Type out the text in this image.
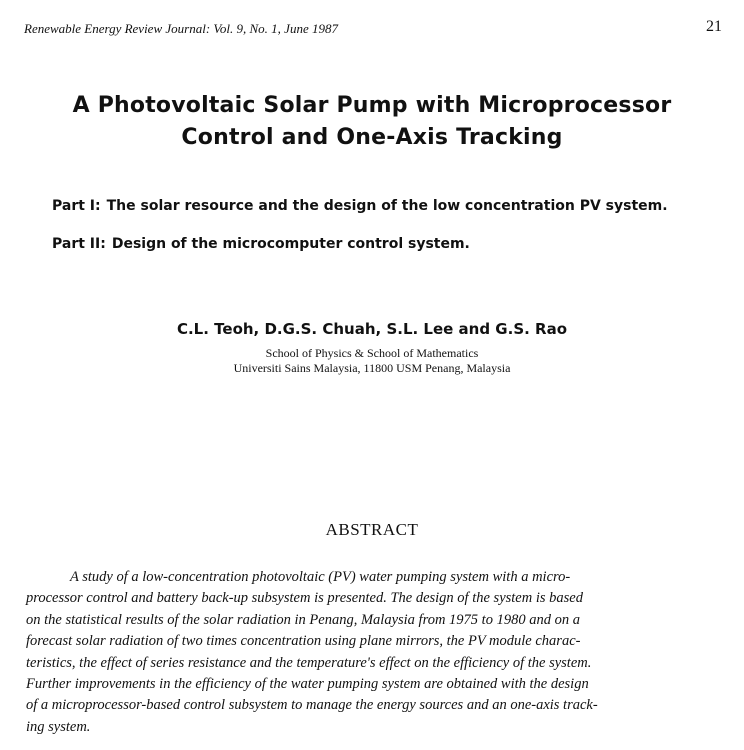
Renewable Energy Review Journal: Vol. 9, No. 1, June 1987	21
A Photovoltaic Solar Pump with Microprocessor
Control and One-Axis Tracking
Part I: The solar resource and the design of the low concentration PV system.
Part II: Design of the microcomputer control system.
C.L. Teoh, D.G.S. Chuah, S.L. Lee and G.S. Rao
School of Physics & School of Mathematics
Universiti Sains Malaysia, 11800 USM Penang, Malaysia
ABSTRACT

A study of a low-concentration photovoltaic (PV) water pumping system with a micro-
processor control and battery back-up subsystem is presented. The design of the system is based
on the statistical results of the solar radiation in Penang, Malaysia from 1975 to 1980 and on a
forecast solar radiation of two times concentration using plane mirrors, the PV module charac-
teristics, the effect of series resistance and the temperature's effect on the efficiency of the system.
Further improvements in the efficiency of the water pumping system are obtained with the design
of a microprocessor-based control subsystem to manage the energy sources and an one-axis track-
ing system.
